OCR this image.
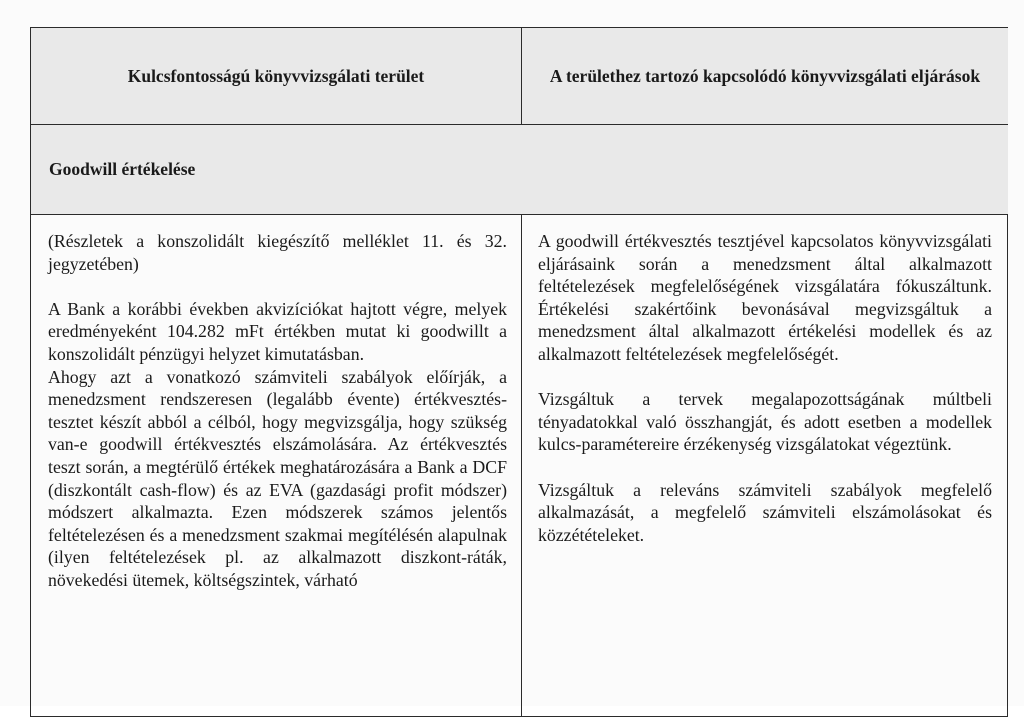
Kulcsfontosságú könyvvizsgálati terület	A területhez tartozó kapcsolódó könyvvizsgálati eljárások
Goodwill értékelése

(Részletek a konszolidált kiegészítő melléklet 11. és 32. jegyzetében)

A Bank a korábbi években akvizíciókat hajtott végre, melyek eredményeként 104.282 mFt értékben mutat ki goodwillt a konszolidált pénzügyi helyzet kimutatásban.

Ahogy azt a vonatkozó számviteli szabályok előírják, a menedzsment rendszeresen (legalább évente) értékvesztés-tesztet készít abból a célból, hogy megvizsgálja, hogy szükség van-e goodwill értékvesztés elszámolására. Az értékvesztés teszt során, a megtérülő értékek meghatározására a Bank a DCF (diszkontált cash-flow) és az EVA (gazdasági profit módszer) módszert alkalmazta. Ezen módszerek számos jelentős feltételezésen és a menedzsment szakmai megítélésén alapulnak (ilyen feltételezések pl. az alkalmazott diszkont-ráták, növekedési ütemek, költségszintek, várható

A goodwill értékvesztés tesztjével kapcsolatos könyvvizsgálati eljárásaink során a menedzsment által alkalmazott feltételezések megfelelőségének vizsgálatára fókuszáltunk. Értékelési szakértőink bevonásával megvizsgáltuk a menedzsment által alkalmazott értékelési modellek és az alkalmazott feltételezések megfelelőségét.

Vizsgáltuk a tervek megalapozottságának múltbeli tényadatokkal való összhangját, és adott esetben a modellek kulcs-paramétereire érzékenység vizsgálatokat végeztünk.

Vizsgáltuk a releváns számviteli szabályok megfelelő alkalmazását, a megfelelő számviteli elszámolásokat és közzétételeket.
